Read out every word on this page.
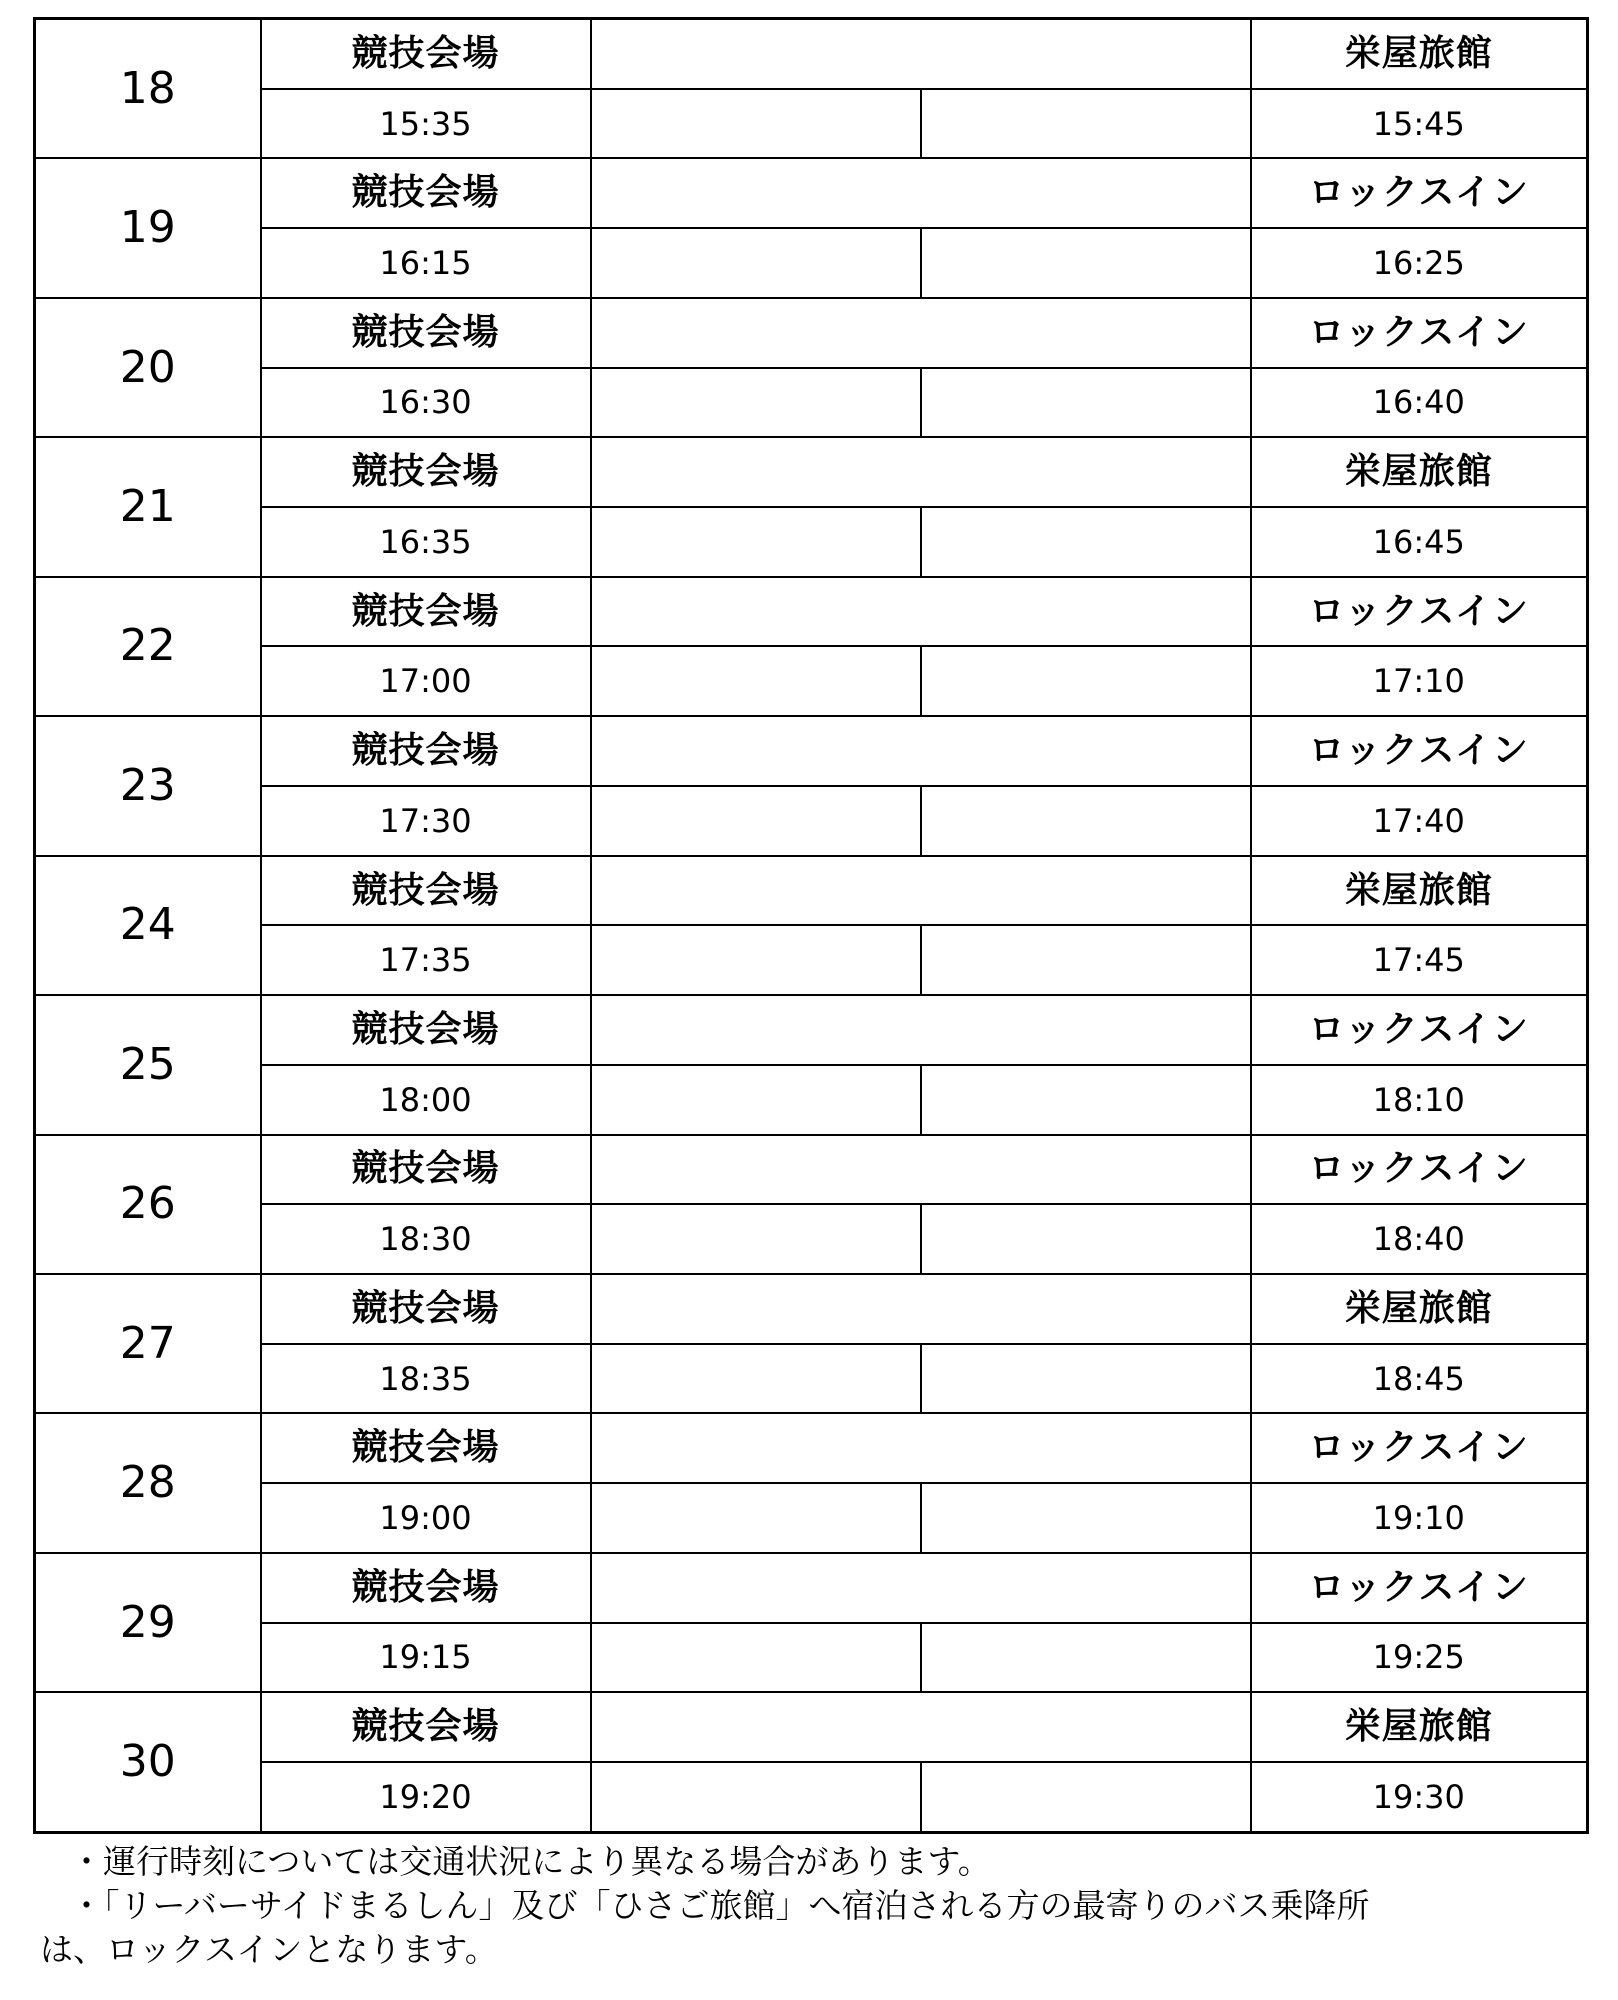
18	競技会場			栄屋旅館
	15:35			15:45
19	競技会場			ロックスイン
	16:15			16:25
20	競技会場			ロックスイン
	16:30			16:40
21	競技会場			栄屋旅館
	16:35			16:45
22	競技会場			ロックスイン
	17:00			17:10
23	競技会場			ロックスイン
	17:30			17:40
24	競技会場			栄屋旅館
	17:35			17:45
25	競技会場			ロックスイン
	18:00			18:10
26	競技会場			ロックスイン
	18:30			18:40
27	競技会場			栄屋旅館
	18:35			18:45
28	競技会場			ロックスイン
	19:00			19:10
29	競技会場			ロックスイン
	19:15			19:25
30	競技会場			栄屋旅館
	19:20			19:30

・運行時刻については交通状況により異なる場合があります。

・「リーバーサイドまるしん」及び「ひさご旅館」へ宿泊される方の最寄りのバス乗降所

は、ロックスインとなります。
